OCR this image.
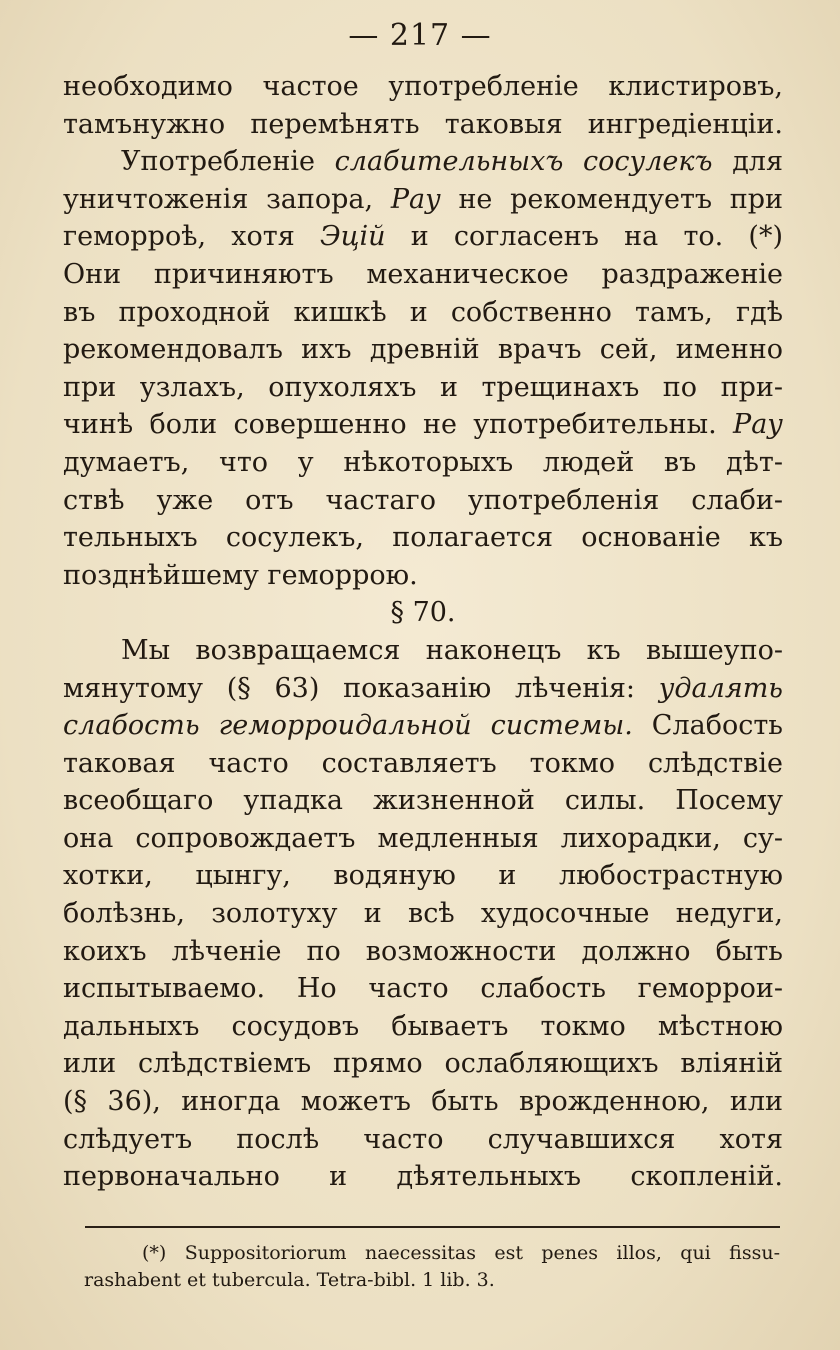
— 217 —
необходимо частое употребленіе клистировъ,
тамънужно перемѣнять таковыя ингредіенціи.
Употребленіе слабительныхъ сосулекъ для
уничтоженія запора, Рау не рекомендуетъ при
геморроѣ, хотя Эцій и согласенъ на то. (*)
Они причиняютъ механическое раздраженіе
въ проходной кишкѣ и собственно тамъ, гдѣ
рекомендовалъ ихъ древній врачъ сей, именно
при узлахъ, опухоляхъ и трещинахъ по при-
чинѣ боли совершенно не употребительны. Рау
думаетъ, что у нѣкоторыхъ людей въ дѣт-
ствѣ уже отъ частаго употребленія слаби-
тельныхъ сосулекъ, полагается основаніе къ
позднѣйшему геморрою.
§ 70.
Мы возвращаемся наконецъ къ вышеупо-
мянутому (§ 63) показанію лѣченія: удалять
слабость геморроидальной системы. Слабость
таковая часто составляетъ токмо слѣдствіе
всеобщаго упадка жизненной силы. Посему
она сопровождаетъ медленныя лихорадки, су-
хотки, цынгу, водяную и любострастную
болѣзнь, золотуху и всѣ худосочные недуги,
коихъ лѣченіе по возможности должно быть
испытываемо. Но часто слабость геморрои-
дальныхъ сосудовъ бываетъ токмо мѣстною
или слѣдствіемъ прямо ослабляющихъ вліяній
(§ 36), иногда можетъ быть врожденною, или
слѣдуетъ послѣ часто случавшихся хотя
первоначально и дѣятельныхъ скопленій.
(*) Suppositoriorum naecessitas est penes illos, qui fissu-
rashabent et tubercula. Tetra-bibl. 1 lib. 3.
